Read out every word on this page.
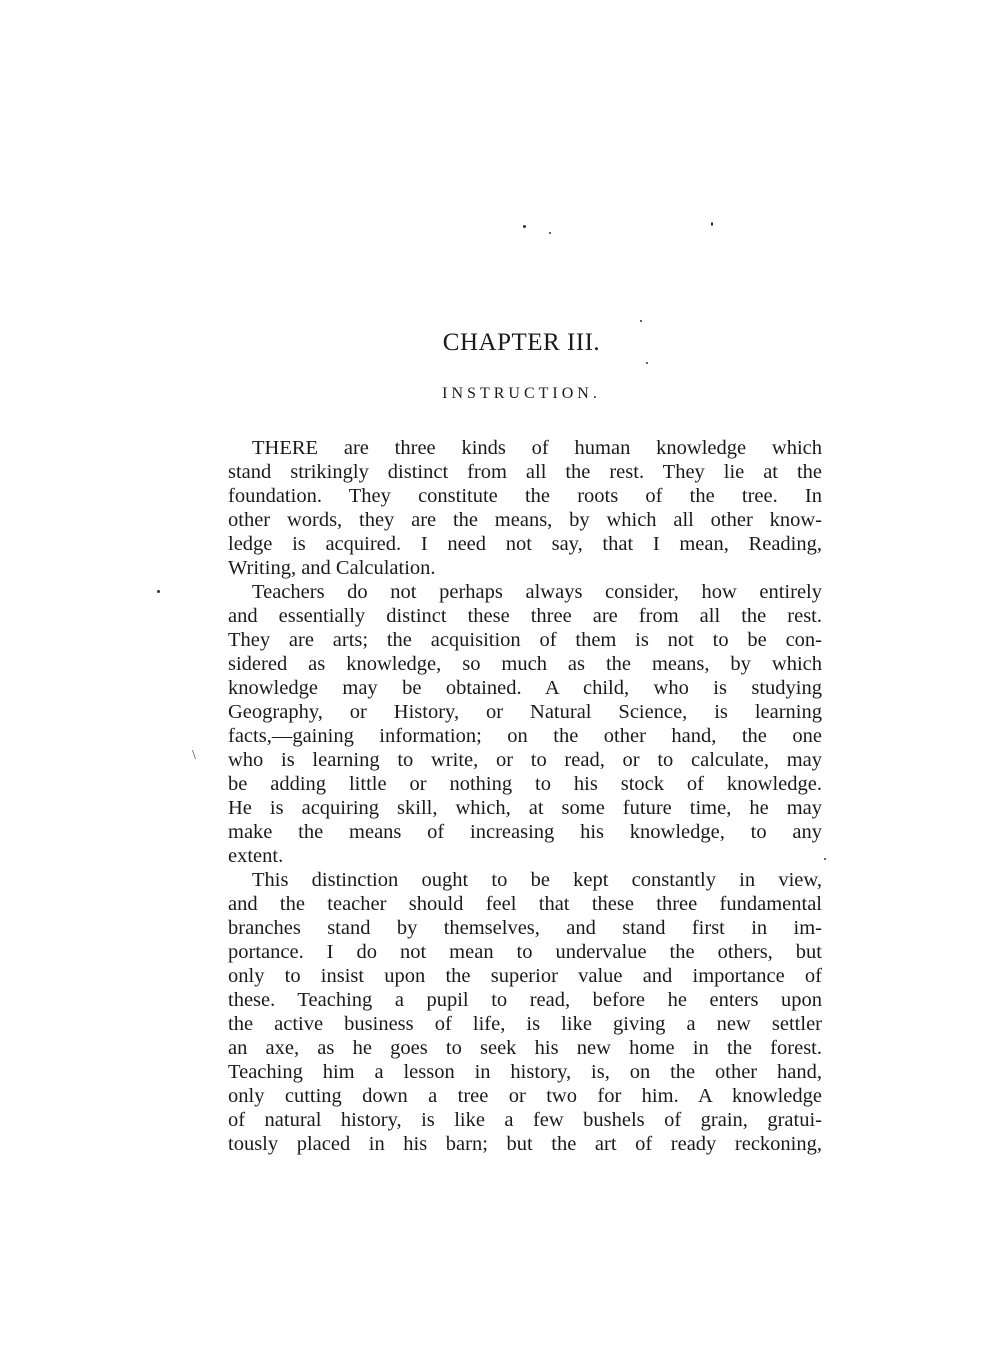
CHAPTER III.
INSTRUCTION.
THERE are three kinds of human knowledge which
stand strikingly distinct from all the rest. They lie at the
foundation. They constitute the roots of the tree. In
other words, they are the means, by which all other know-
ledge is acquired. I need not say, that I mean, Reading,
Writing, and Calculation.
Teachers do not perhaps always consider, how entirely
and essentially distinct these three are from all the rest.
They are arts; the acquisition of them is not to be con-
sidered as knowledge, so much as the means, by which
knowledge may be obtained. A child, who is studying
Geography, or History, or Natural Science, is learning
facts,—gaining information; on the other hand, the one
who is learning to write, or to read, or to calculate, may
be adding little or nothing to his stock of knowledge.
He is acquiring skill, which, at some future time, he may
make the means of increasing his knowledge, to any
extent.
This distinction ought to be kept constantly in view,
and the teacher should feel that these three fundamental
branches stand by themselves, and stand first in im-
portance. I do not mean to undervalue the others, but
only to insist upon the superior value and importance of
these. Teaching a pupil to read, before he enters upon
the active business of life, is like giving a new settler
an axe, as he goes to seek his new home in the forest.
Teaching him a lesson in history, is, on the other hand,
only cutting down a tree or two for him. A knowledge
of natural history, is like a few bushels of grain, gratui-
tously placed in his barn; but the art of ready reckoning,
\
